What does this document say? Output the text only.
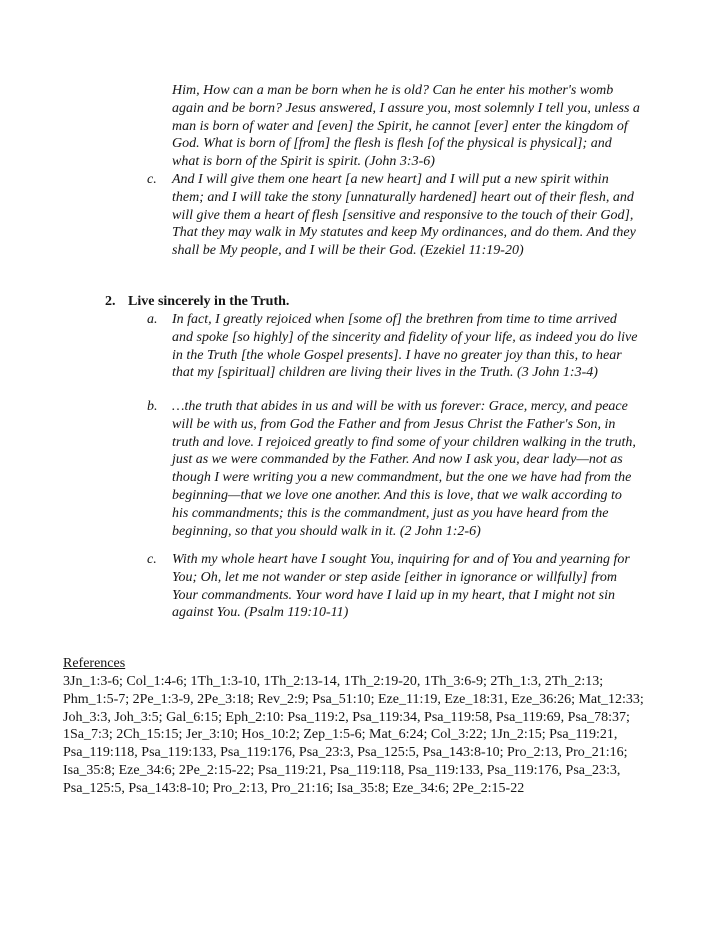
Him, How can a man be born when he is old? Can he enter his mother's womb again and be born? Jesus answered, I assure you, most solemnly I tell you, unless a man is born of water and [even] the Spirit, he cannot [ever] enter the kingdom of God. What is born of [from] the flesh is flesh [of the physical is physical]; and what is born of the Spirit is spirit. (John 3:3-6)

c.	And I will give them one heart [a new heart] and I will put a new spirit within them; and I will take the stony [unnaturally hardened] heart out of their flesh, and will give them a heart of flesh [sensitive and responsive to the touch of their God], That they may walk in My statutes and keep My ordinances, and do them. And they shall be My people, and I will be their God. (Ezekiel 11:19-20)

2. Live sincerely in the Truth.
a.	In fact, I greatly rejoiced when [some of] the brethren from time to time arrived and spoke [so highly] of the sincerity and fidelity of your life, as indeed you do live in the Truth [the whole Gospel presents]. I have no greater joy than this, to hear that my [spiritual] children are living their lives in the Truth. (3 John 1:3-4)

b.	…the truth that abides in us and will be with us forever: Grace, mercy, and peace will be with us, from God the Father and from Jesus Christ the Father's Son, in truth and love. I rejoiced greatly to find some of your children walking in the truth, just as we were commanded by the Father. And now I ask you, dear lady—not as though I were writing you a new commandment, but the one we have had from the beginning—that we love one another. And this is love, that we walk according to his commandments; this is the commandment, just as you have heard from the beginning, so that you should walk in it. (2 John 1:2-6)

c.	With my whole heart have I sought You, inquiring for and of You and yearning for You; Oh, let me not wander or step aside [either in ignorance or willfully] from Your commandments. Your word have I laid up in my heart, that I might not sin against You. (Psalm 119:10-11)

References

3Jn_1:3-6; Col_1:4-6; 1Th_1:3-10, 1Th_2:13-14, 1Th_2:19-20, 1Th_3:6-9; 2Th_1:3, 2Th_2:13; Phm_1:5-7; 2Pe_1:3-9, 2Pe_3:18; Rev_2:9; Psa_51:10; Eze_11:19, Eze_18:31, Eze_36:26; Mat_12:33; Joh_3:3, Joh_3:5; Gal_6:15; Eph_2:10: Psa_119:2, Psa_119:34, Psa_119:58, Psa_119:69, Psa_78:37; 1Sa_7:3; 2Ch_15:15; Jer_3:10; Hos_10:2; Zep_1:5-6; Mat_6:24; Col_3:22; 1Jn_2:15; Psa_119:21, Psa_119:118, Psa_119:133, Psa_119:176, Psa_23:3, Psa_125:5, Psa_143:8-10; Pro_2:13, Pro_21:16; Isa_35:8; Eze_34:6; 2Pe_2:15-22; Psa_119:21, Psa_119:118, Psa_119:133, Psa_119:176, Psa_23:3, Psa_125:5, Psa_143:8-10; Pro_2:13, Pro_21:16; Isa_35:8; Eze_34:6; 2Pe_2:15-22
